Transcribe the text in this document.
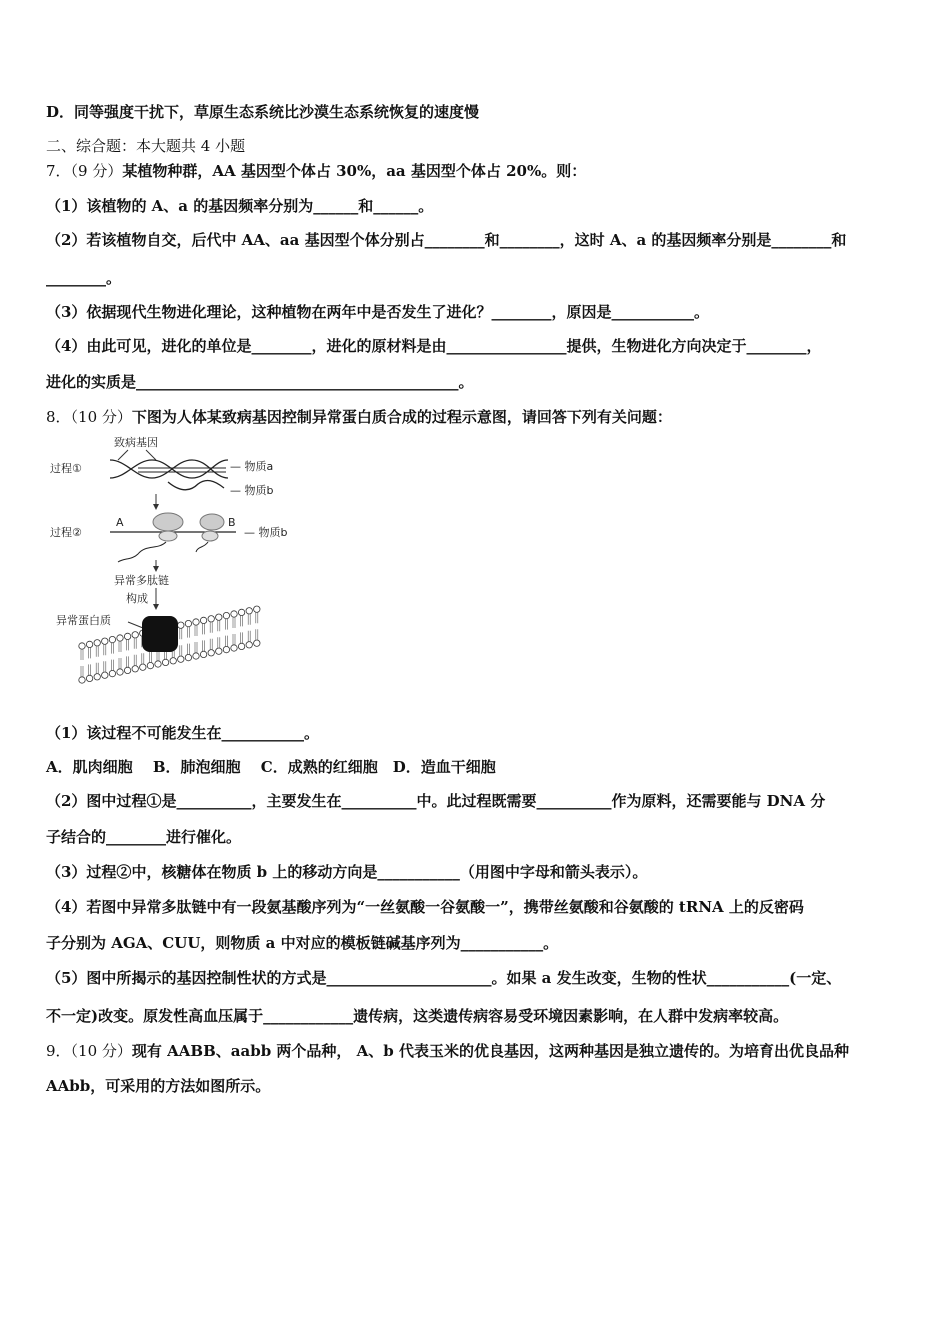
D．同等强度干扰下，草原生态系统比沙漠生态系统恢复的速度慢
二、综合题：本大题共 4 小题
7．（9 分）某植物种群，AA 基因型个体占 30%，aa 基因型个体占 20%。则：
（1）该植物的 A、a 的基因频率分别为______和______。
（2）若该植物自交，后代中 AA、aa 基因型个体分别占________和________，这时 A、a 的基因频率分别是________和
________。
（3）依据现代生物进化理论，这种植物在两年中是否发生了进化？________，原因是___________。
（4）由此可见，进化的单位是________，进化的原材料是由________________提供，生物进化方向决定于________，
进化的实质是___________________________________________。
8．（10 分）下图为人体某致病基因控制异常蛋白质合成的过程示意图，请回答下列有关问题：
致病基因
过程①	— 物质a
— 物质b
过程②
A	B
— 物质b
异常多肽链
构成
异常蛋白质
（1）该过程不可能发生在___________。
A．肌肉细胞　 B．肺泡细胞　 C．成熟的红细胞　D．造血干细胞
（2）图中过程①是__________，主要发生在__________中。此过程既需要__________作为原料，还需要能与 DNA 分
子结合的________进行催化。
（3）过程②中，核糖体在物质 b 上的移动方向是___________（用图中字母和箭头表示）。
（4）若图中异常多肽链中有一段氨基酸序列为“一丝氨酸一谷氨酸一”，携带丝氨酸和谷氨酸的 tRNA 上的反密码
子分别为 AGA、CUU，则物质 a 中对应的模板链碱基序列为___________。
（5）图中所揭示的基因控制性状的方式是______________________。如果 a 发生改变，生物的性状___________(一定、
不一定)改变。原发性高血压属于____________遗传病，这类遗传病容易受环境因素影响，在人群中发病率较高。
9．（10 分）现有 AABB、aabb 两个品种， A、b 代表玉米的优良基因，这两种基因是独立遗传的。为培育出优良品种
AAbb，可采用的方法如图所示。
